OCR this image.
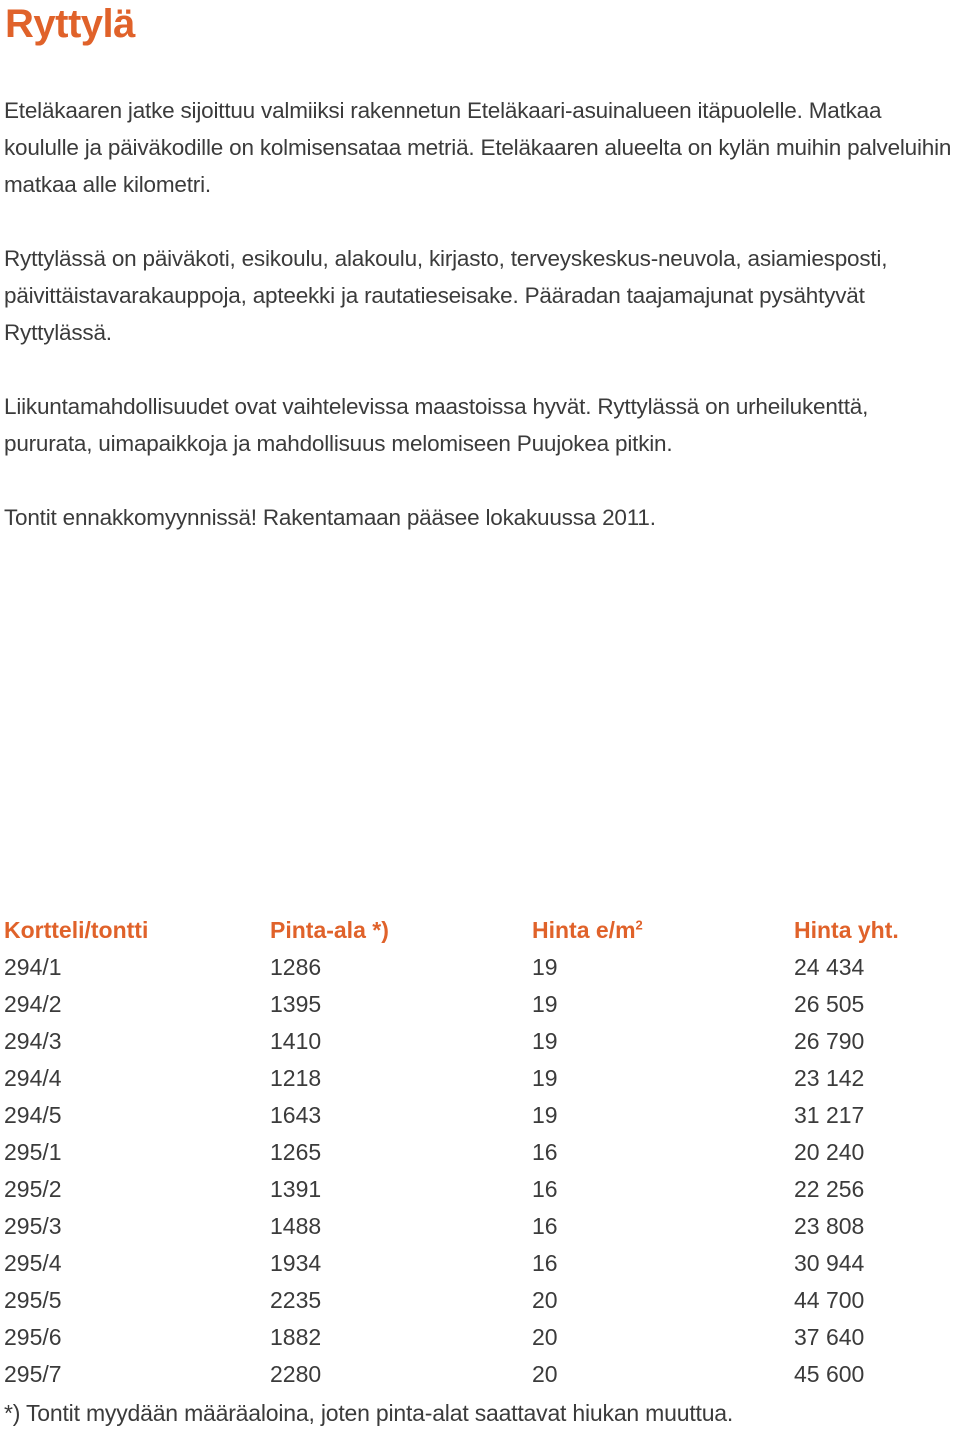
Ryttylä

Eteläkaaren jatke sijoittuu valmiiksi rakennetun Eteläkaari-asuinalueen itäpuolelle. Matkaa koululle ja päiväkodille on kolmisensataa metriä. Eteläkaaren alueelta on kylän muihin palveluihin matkaa alle kilometri.

Ryttylässä on päiväkoti, esikoulu, alakoulu, kirjasto, terveyskeskus-neuvola, asiamiesposti, päivittäistavarakauppoja, apteekki ja rautatieseisake. Pääradan taajamajunat pysähtyvät Ryttylässä.

Liikuntamahdollisuudet ovat vaihtelevissa maastoissa hyvät. Ryttylässä on urheilukenttä, pururata, uimapaikkoja ja mahdollisuus melomiseen Puujokea pitkin.

Tontit ennakkomyynnissä! Rakentamaan pääsee lokakuussa 2011.

Kortteli/tontti	Pinta-ala *)	Hinta $e/m^2$	Hinta yht.
294/1	1286	19	24 434
294/2	1395	19	26 505
294/3	1410	19	26 790
294/4	1218	19	23 142
294/5	1643	19	31 217
295/1	1265	16	20 240
295/2	1391	16	22 256
295/3	1488	16	23 808
295/4	1934	16	30 944
295/5	2235	20	44 700
295/6	1882	20	37 640
295/7	2280	20	45 600

*) Tontit myydään määräaloina, joten pinta-alat saattavat hiukan muuttua.
